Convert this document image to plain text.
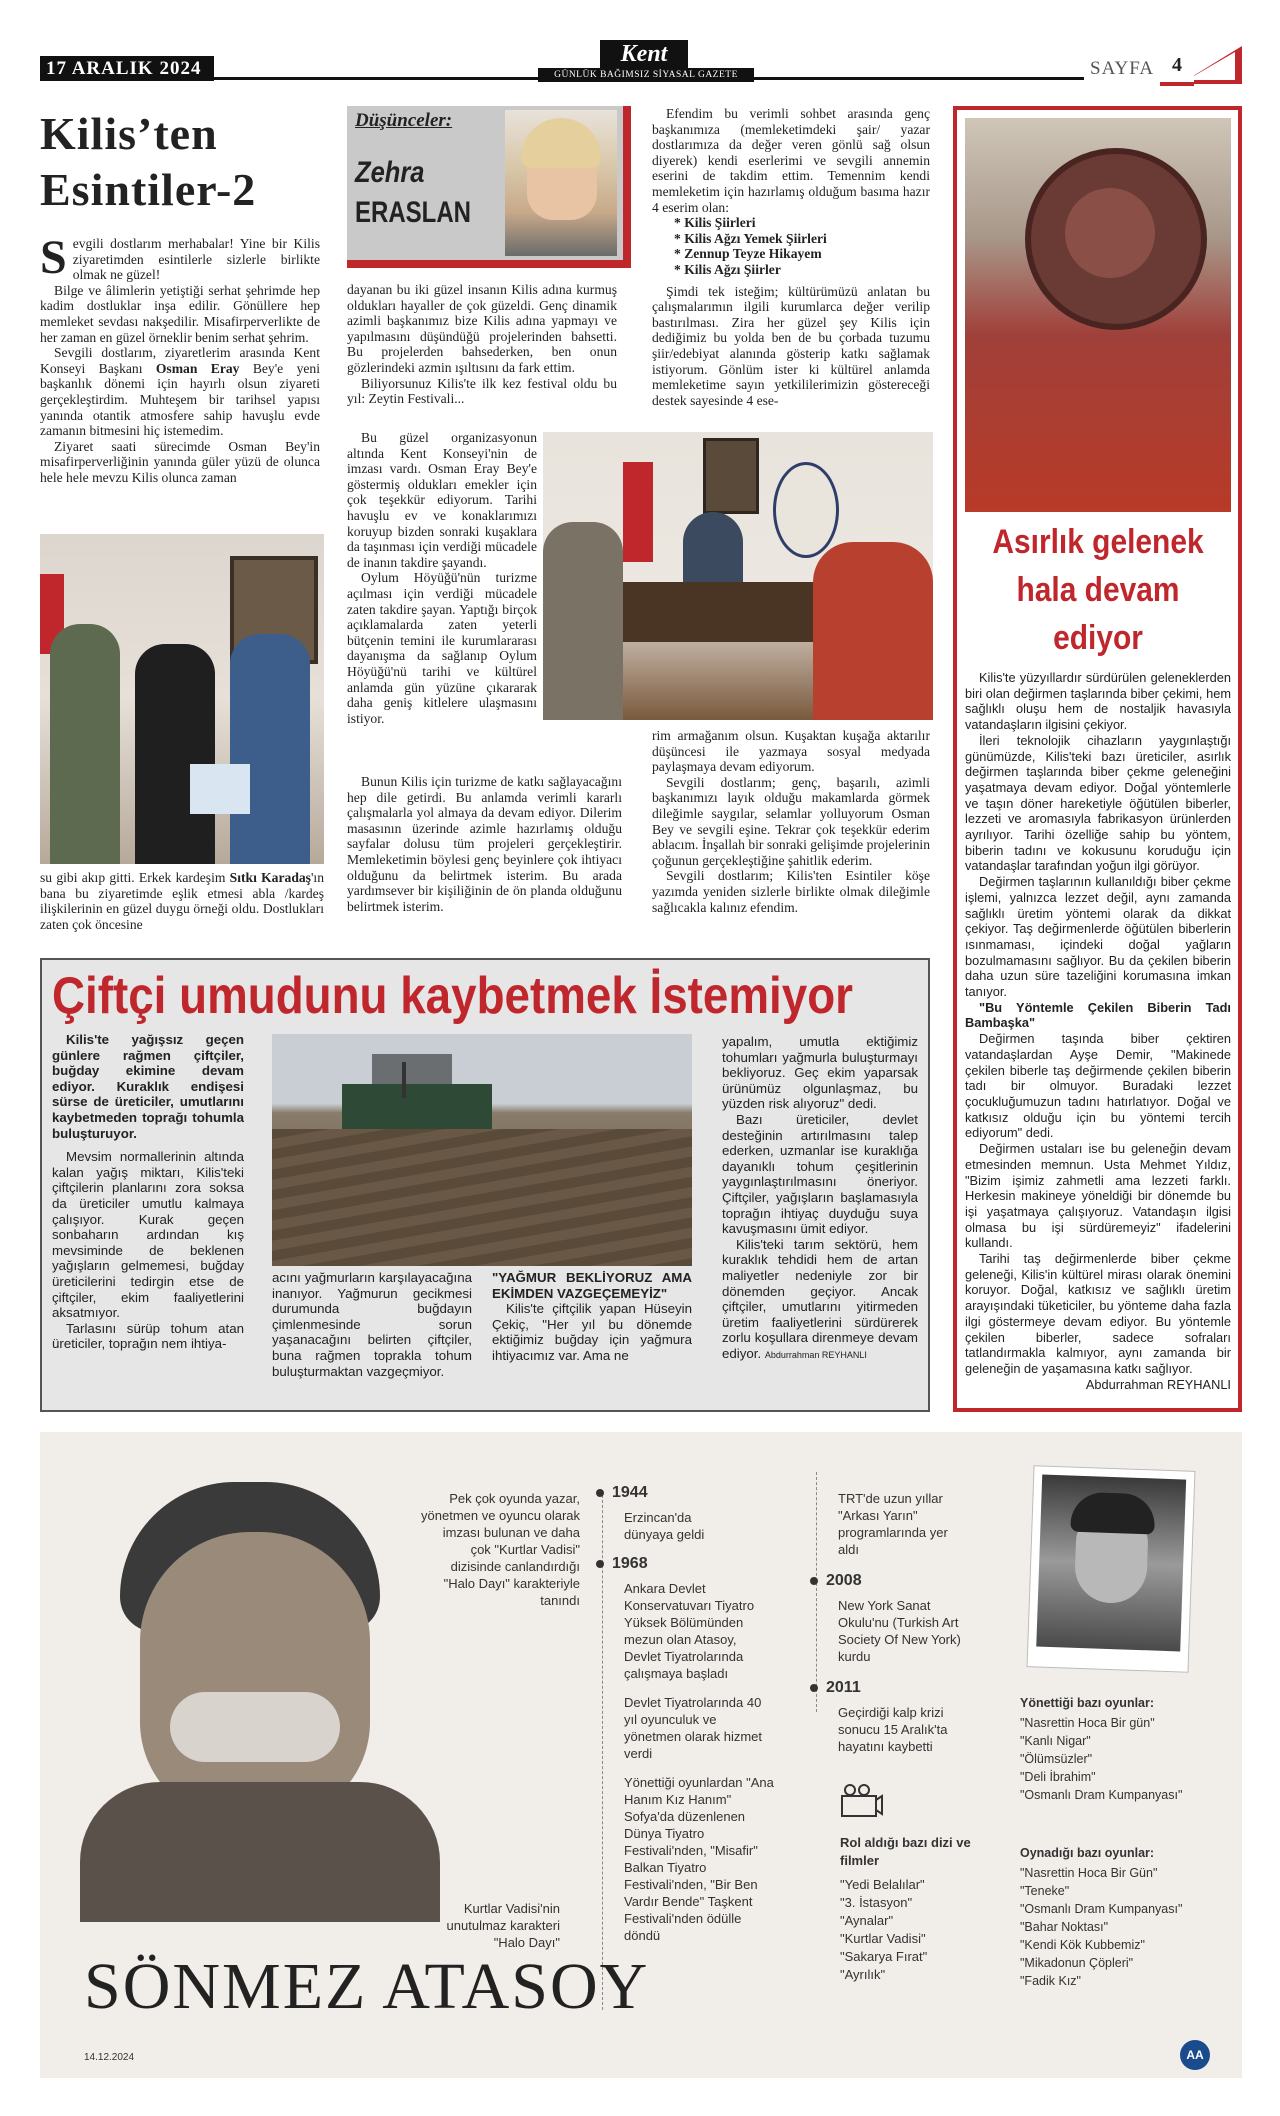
17 ARALIK 2024
Kent
GÜNLÜK BAĞIMSIZ SİYASAL GAZETE	SAYFA 4
Kilis’ten
Esintiler-2
Düşünceler:
Zehra
ERASLAN
S evgili dostlarım merhabalar! Yine bir Kilis ziyaretimden esintilerle sizlerle birlikte olmak ne güzel!

Bilge ve âlimlerin yetiştiği serhat şehrimde hep kadim dostluklar inşa edilir. Gönüllere hep memleket sevdası nakşedilir. Misafirperverlikte de her zaman en güzel örneklir benim serhat şehrim.

Sevgili dostlarım, ziyaretlerim arasında Kent Konseyi Başkanı Osman Eray Bey'e yeni başkanlık dönemi için hayırlı olsun ziyareti gerçekleştirdim. Muhteşem bir tarihsel yapısı yanında otantik atmosfere sahip havuşlu evde zamanın bitmesini hiç istemedim.

Ziyaret saati sürecimde Osman Bey'in misafirperverliğinin yanında güler yüzü de olunca hele hele mevzu Kilis olunca zaman

su gibi akıp gitti. Erkek kardeşim Sıtkı Karadaş'ın bana bu ziyaretimde eşlik etmesi abla /kardeş ilişkilerinin en güzel duygu örneği oldu. Dostlukları zaten çok öncesine

dayanan bu iki güzel insanın Kilis adına kurmuş oldukları hayaller de çok güzeldi. Genç dinamik azimli başkanımız bize Kilis adına yapmayı ve yapılmasını düşündüğü projelerinden bahsetti. Bu projelerden bahsederken, ben onun gözlerindeki azmin ışıltısını da fark ettim.

Biliyorsunuz Kilis'te ilk kez festival oldu bu yıl: Zeytin Festivali...

Bu güzel organizasyonun altında Kent Konseyi'nin de imzası vardı. Osman Eray Bey'e göstermiş oldukları emekler için çok teşekkür ediyorum. Tarihi havuşlu ev ve konaklarımızı koruyup bizden sonraki kuşaklara da taşınması için verdiği mücadele de inanın takdire şayandı.

Oylum Höyüğü'nün turizme açılması için verdiği mücadele zaten takdire şayan. Yaptığı birçok açıklamalarda zaten yeterli bütçenin temini ile kurumlararası dayanışma da sağlanıp Oylum Höyüğü'nü tarihi ve kültürel anlamda gün yüzüne çıkararak daha geniş kitlelere ulaşmasını istiyor.

Bunun Kilis için turizme de katkı sağlayacağını hep dile getirdi. Bu anlamda verimli kararlı çalışmalarla yol almaya da devam ediyor. Dilerim masasının üzerinde azimle hazırlamış olduğu sayfalar dolusu tüm projeleri gerçekleştirir. Memleketimin böylesi genç beyinlere çok ihtiyacı olduğunu da belirtmek isterim. Bu arada yardımsever bir kişiliğinin de ön planda olduğunu belirtmek isterim.

Efendim bu verimli sohbet arasında genç başkanımıza (memleketimdeki şair/ yazar dostlarımıza da değer veren gönlü sağ olsun diyerek) kendi eserlerimi ve sevgili annemin eserini de takdim ettim. Temennim kendi memleketim için hazırlamış olduğum basıma hazır 4 eserim olan:

* Kilis Şiirleri
* Kilis Ağzı Yemek Şiirleri
* Zennup Teyze Hikayem
* Kilis Ağzı Şiirler

Şimdi tek isteğim; kültürümüzü anlatan bu çalışmalarımın ilgili kurumlarca değer verilip bastırılması. Zira her güzel şey Kilis için dediğimiz bu yolda ben de bu çorbada tuzumu şiir/edebiyat alanında gösterip katkı sağlamak istiyorum. Gönlüm ister ki kültürel anlamda memleketime sayın yetkililerimizin göstereceği destek sayesinde 4 ese-

rim armağanım olsun. Kuşaktan kuşağa aktarılır düşüncesi ile yazmaya sosyal medyada paylaşmaya devam ediyorum.

Sevgili dostlarım; genç, başarılı, azimli başkanımızı layık olduğu makamlarda görmek dileğimle saygılar, selamlar yolluyorum Osman Bey ve sevgili eşine. Tekrar çok teşekkür ederim ablacım. İnşallah bir sonraki gelişimde projelerinin çoğunun gerçekleştiğine şahitlik ederim.

Sevgili dostlarım; Kilis'ten Esintiler köşe yazımda yeniden sizlerle birlikte olmak dileğimle sağlıcakla kalınız efendim.

Asırlık gelenek hala devam ediyor

Kilis'te yüzyıllardır sürdürülen geleneklerden biri olan değirmen taşlarında biber çekimi, hem sağlıklı oluşu hem de nostaljik havasıyla vatandaşların ilgisini çekiyor.

İleri teknolojik cihazların yaygınlaştığı günümüzde, Kilis'teki bazı üreticiler, asırlık değirmen taşlarında biber çekme geleneğini yaşatmaya devam ediyor. Doğal yöntemlerle ve taşın döner hareketiyle öğütülen biberler, lezzeti ve aromasıyla fabrikasyon ürünlerden ayrılıyor. Tarihi özelliğe sahip bu yöntem, biberin tadını ve kokusunu koruduğu için vatandaşlar tarafından yoğun ilgi görüyor.

Değirmen taşlarının kullanıldığı biber çekme işlemi, yalnızca lezzet değil, aynı zamanda sağlıklı üretim yöntemi olarak da dikkat çekiyor. Taş değirmenlerde öğütülen biberlerin ısınmaması, içindeki doğal yağların bozulmamasını sağlıyor. Bu da çekilen biberin daha uzun süre tazeliğini korumasına imkan tanıyor.

"Bu Yöntemle Çekilen Biberin Tadı Bambaşka"

Değirmen taşında biber çektiren vatandaşlardan Ayşe Demir, "Makinede çekilen biberle taş değirmende çekilen biberin tadı bir olmuyor. Buradaki lezzet çocukluğumuzun tadını hatırlatıyor. Doğal ve katkısız olduğu için bu yöntemi tercih ediyorum" dedi.

Değirmen ustaları ise bu geleneğin devam etmesinden memnun. Usta Mehmet Yıldız, "Bizim işimiz zahmetli ama lezzeti farklı. Herkesin makineye yöneldiği bir dönemde bu işi yaşatmaya çalışıyoruz. Vatandaşın ilgisi olmasa bu işi sürdüremeyiz" ifadelerini kullandı.

Tarihi taş değirmenlerde biber çekme geleneği, Kilis'in kültürel mirası olarak önemini koruyor. Doğal, katkısız ve sağlıklı üretim arayışındaki tüketiciler, bu yönteme daha fazla ilgi göstermeye devam ediyor. Bu yöntemle çekilen biberler, sadece sofraları tatlandırmakla kalmıyor, aynı zamanda bir geleneğin de yaşamasına katkı sağlıyor.

Abdurrahman REYHANLI
Çiftçi umudunu kaybetmek İstemiyor

Kilis'te yağışsız geçen günlere rağmen çiftçiler, buğday ekimine devam ediyor. Kuraklık endişesi sürse de üreticiler, umutlarını kaybetmeden toprağı tohumla buluşturuyor.

Mevsim normallerinin altında kalan yağış miktarı, Kilis'teki çiftçilerin planlarını zora soksa da üreticiler umutlu kalmaya çalışıyor. Kurak geçen sonbaharın ardından kış mevsiminde de beklenen yağışların gelmemesi, buğday üreticilerini tedirgin etse de çiftçiler, ekim faaliyetlerini aksatmıyor.

Tarlasını sürüp tohum atan üreticiler, toprağın nem ihtiya-

acını yağmurların karşılayacağına inanıyor. Yağmurun gecikmesi durumunda buğdayın çimlenmesinde sorun yaşanacağını belirten çiftçiler, buna rağmen toprakla tohum buluşturmaktan vazgeçmiyor.

"YAĞMUR BEKLİYORUZ AMA EKİMDEN VAZGEÇEMEYİZ"

Kilis'te çiftçilik yapan Hüseyin Çekiç, "Her yıl bu dönemde ektiğimiz buğday için yağmura ihtiyacımız var. Ama ne

yapalım, umutla ektiğimiz tohumları yağmurla buluşturmayı bekliyoruz. Geç ekim yaparsak ürünümüz olgunlaşmaz, bu yüzden risk alıyoruz" dedi.

Bazı üreticiler, devlet desteğinin artırılmasını talep ederken, uzmanlar ise kuraklığa dayanıklı tohum çeşitlerinin yaygınlaştırılmasını öneriyor. Çiftçiler, yağışların başlamasıyla toprağın ihtiyaç duyduğu suya kavuşmasını ümit ediyor.

Kilis'teki tarım sektörü, hem kuraklık tehdidi hem de artan maliyetler nedeniyle zor bir dönemden geçiyor. Ancak çiftçiler, umutlarını yitirmeden üretim faaliyetlerini sürdürerek zorlu koşullara direnmeye devam ediyor. Abdurrahman REYHANLI

Pek çok oyunda yazar, yönetmen ve oyuncu olarak imzası bulunan ve daha çok "Kurtlar Vadisi" dizisinde canlandırdığı "Halo Dayı" karakteriyle tanındı
Kurtlar Vadisi'nin unutulmaz karakteri "Halo Dayı"
SÖNMEZ ATASOY
14.12.2024
1944
Erzincan'da dünyaya geldi
1968
Ankara Devlet Konservatuvarı Tiyatro Yüksek Bölümünden mezun olan Atasoy, Devlet Tiyatrolarında çalışmaya başladı
Devlet Tiyatrolarında 40 yıl oyunculuk ve yönetmen olarak hizmet verdi
Yönettiği oyunlardan "Ana Hanım Kız Hanım" Sofya'da düzenlenen Dünya Tiyatro Festivali'nden, "Misafir" Balkan Tiyatro Festivali'nden, "Bir Ben Vardır Bende" Taşkent Festivali'nden ödülle döndü
TRT'de uzun yıllar "Arkası Yarın" programlarında yer aldı
2008
New York Sanat Okulu'nu (Turkish Art Society Of New York) kurdu
2011
Geçirdiği kalp krizi sonucu 15 Aralık'ta hayatını kaybetti
Rol aldığı bazı dizi ve filmler
"Yedi Belalılar"
"3. İstasyon"
"Aynalar"
"Kurtlar Vadisi"
"Sakarya Fırat"
"Ayrılık"
Yönettiği bazı oyunlar:
"Nasrettin Hoca Bir gün"
"Kanlı Nigar"
"Ölümsüzler"
"Deli İbrahim"
"Osmanlı Dram Kumpanyası"
Oynadığı bazı oyunlar:
"Nasrettin Hoca Bir Gün"
"Teneke"
"Osmanlı Dram Kumpanyası"
"Bahar Noktası"
"Kendi Kök Kubbemiz"
"Mikadonun Çöpleri"
"Fadik Kız"
AA
